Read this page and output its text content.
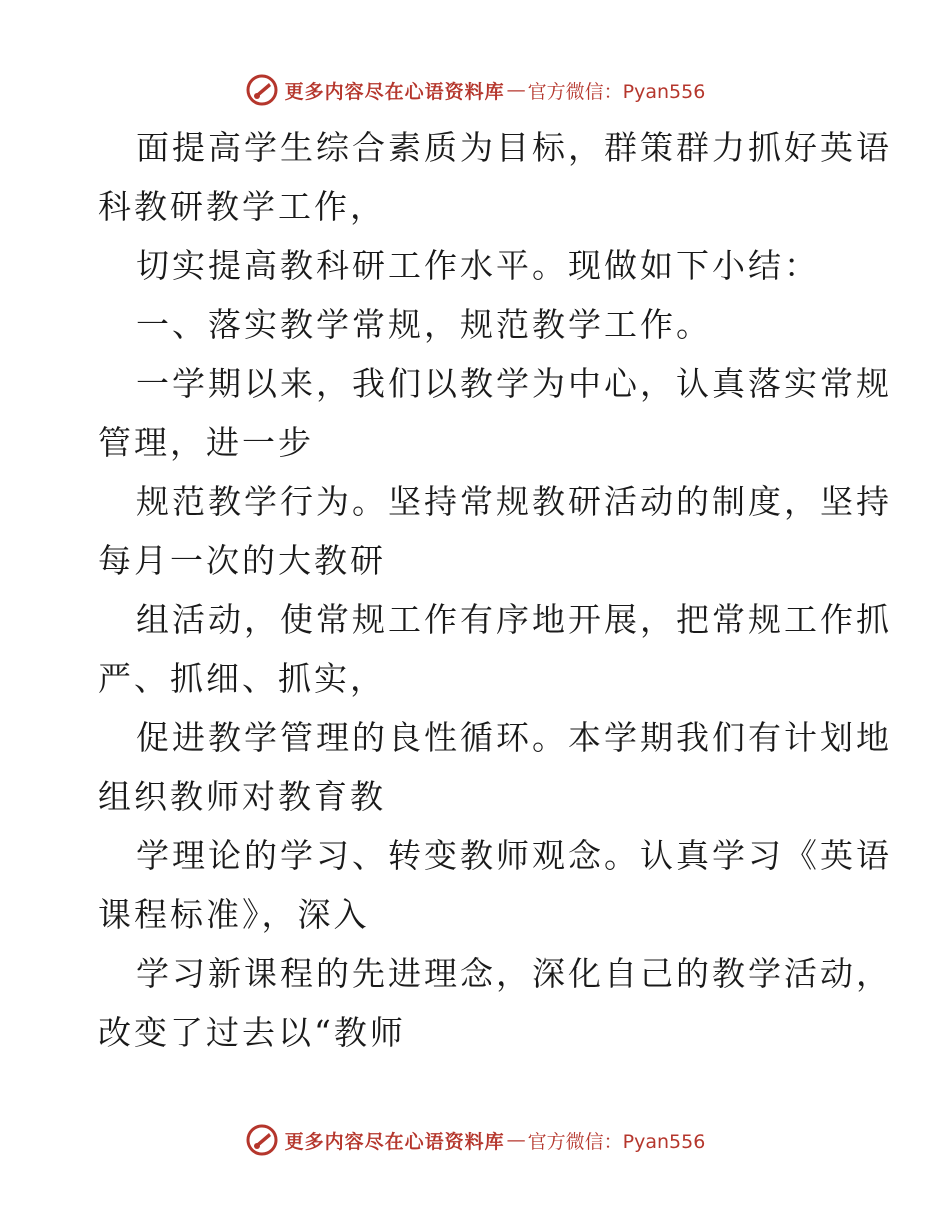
更多内容尽在心语资料库 — 官方微信：Pyan556
面提高学生综合素质为目标，群策群力抓好英语
科教研教学工作，
切实提高教科研工作水平。现做如下小结：
一、落实教学常规，规范教学工作。
一学期以来，我们以教学为中心，认真落实常规
管理，进一步
规范教学行为。坚持常规教研活动的制度，坚持
每月一次的大教研
组活动，使常规工作有序地开展，把常规工作抓
严、抓细、抓实，
促进教学管理的良性循环。本学期我们有计划地
组织教师对教育教
学理论的学习、转变教师观念。认真学习《英语
课程标准》，深入
学习新课程的先进理念，深化自己的教学活动，
改变了过去以“教师
更多内容尽在心语资料库 — 官方微信：Pyan556
